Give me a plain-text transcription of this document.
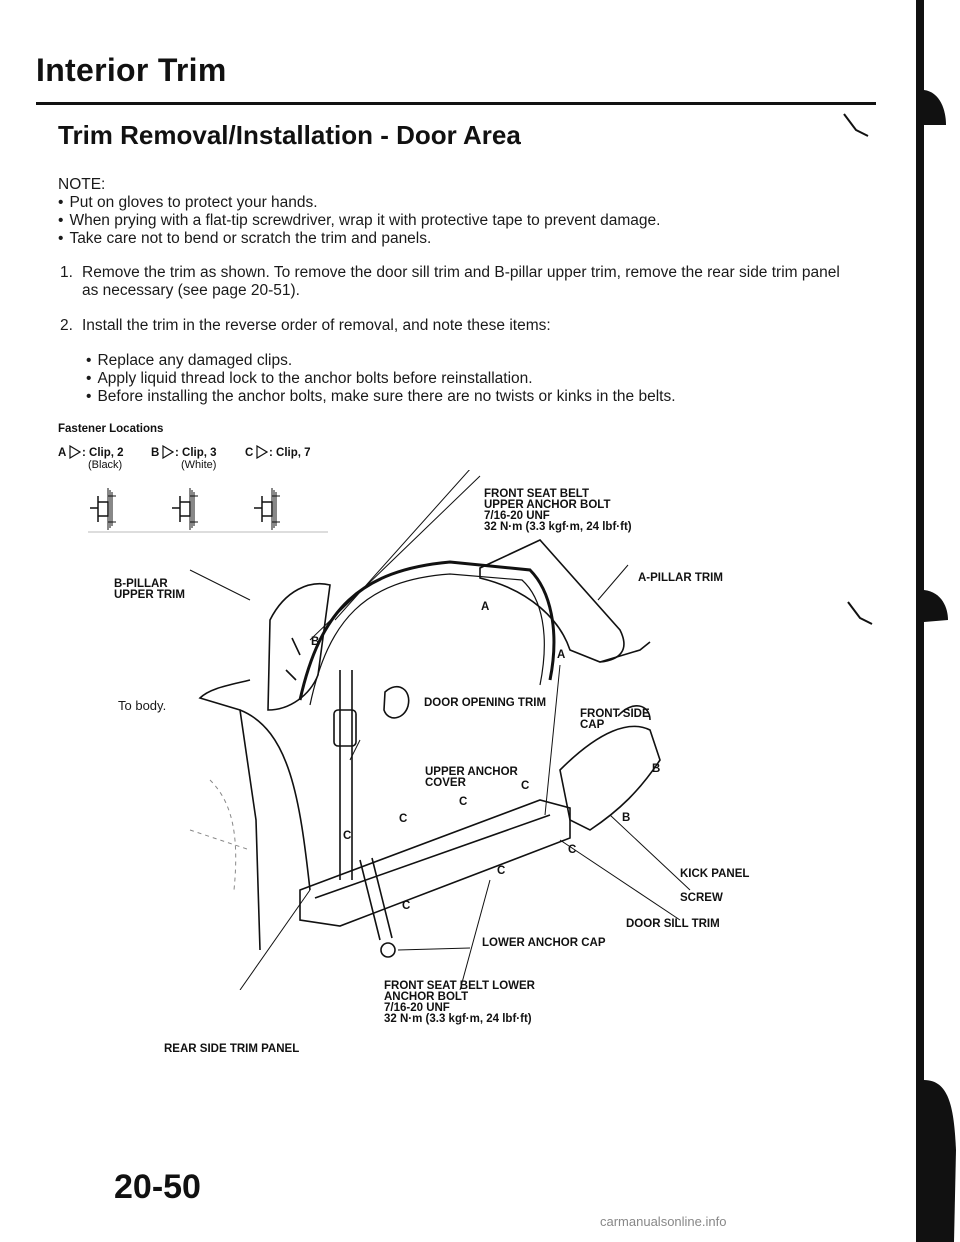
Interior Trim
Trim Removal/Installation - Door Area
NOTE:
• Put on gloves to protect your hands.
• When prying with a flat-tip screwdriver, wrap it with protective tape to prevent damage.
• Take care not to bend or scratch the trim and panels.
1. Remove the trim as shown. To remove the door sill trim and B-pillar upper trim, remove the rear side trim panel
as necessary (see page 20-51).
2. Install the trim in the reverse order of removal, and note these items:
• Replace any damaged clips.
• Apply liquid thread lock to the anchor bolts before reinstallation.
• Before installing the anchor bolts, make sure there are no twists or kinks in the belts.
Fastener Locations
A : Clip, 2
(Black)
B : Clip, 3
(White)
C : Clip, 7
FRONT SEAT BELT
UPPER ANCHOR BOLT
7/16-20 UNF
32 N·m (3.3 kgf·m, 24 lbf·ft)
A-PILLAR TRIM
B-PILLAR
UPPER TRIM
To body.	DOOR OPENING TRIM
FRONT SIDE
CAP
UPPER ANCHOR
COVER
KICK PANEL
SCREW
DOOR SILL TRIM
LOWER ANCHOR CAP
FRONT SEAT BELT LOWER
ANCHOR BOLT
7/16-20 UNF
32 N·m (3.3 kgf·m, 24 lbf·ft)
REAR SIDE TRIM PANEL
A
A
B
B
B
C
C
C
C
C
C
C
20-50
carmanualsonline.info
